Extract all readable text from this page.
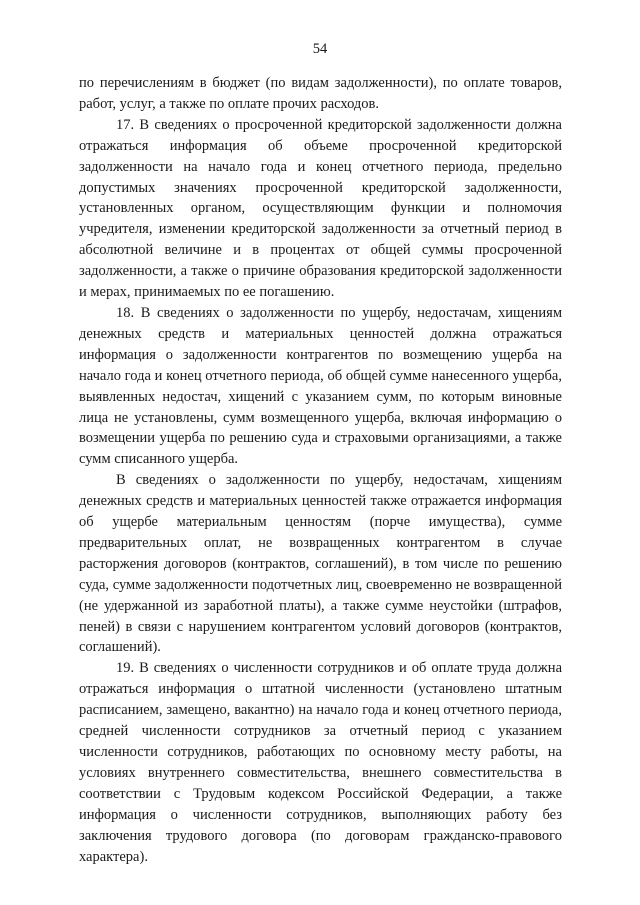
54

по перечислениям в бюджет (по видам задолженности), по оплате товаров, работ, услуг, а также по оплате прочих расходов.

17. В сведениях о просроченной кредиторской задолженности должна отражаться информация об объеме просроченной кредиторской задолженности на начало года и конец отчетного периода, предельно допустимых значениях просроченной кредиторской задолженности, установленных органом, осуществляющим функции и полномочия учредителя, изменении кредиторской задолженности за отчетный период в абсолютной величине и в процентах от общей суммы просроченной задолженности, а также о причине образования кредиторской задолженности и мерах, принимаемых по ее погашению.

18. В сведениях о задолженности по ущербу, недостачам, хищениям денежных средств и материальных ценностей должна отражаться информация о задолженности контрагентов по возмещению ущерба на начало года и конец отчетного периода, об общей сумме нанесенного ущерба, выявленных недостач, хищений с указанием сумм, по которым виновные лица не установлены, сумм возмещенного ущерба, включая информацию о возмещении ущерба по решению суда и страховыми организациями, а также сумм списанного ущерба.

В сведениях о задолженности по ущербу, недостачам, хищениям денежных средств и материальных ценностей также отражается информация об ущербе материальным ценностям (порче имущества), сумме предварительных оплат, не возвращенных контрагентом в случае расторжения договоров (контрактов, соглашений), в том числе по решению суда, сумме задолженности подотчетных лиц, своевременно не возвращенной (не удержанной из заработной платы), а также сумме неустойки (штрафов, пеней) в связи с нарушением контрагентом условий договоров (контрактов, соглашений).

19. В сведениях о численности сотрудников и об оплате труда должна отражаться информация о штатной численности (установлено штатным расписанием, замещено, вакантно) на начало года и конец отчетного периода, средней численности сотрудников за отчетный период с указанием численности сотрудников, работающих по основному месту работы, на условиях внутреннего совместительства, внешнего совместительства в соответствии с Трудовым кодексом Российской Федерации, а также информация о численности сотрудников, выполняющих работу без заключения трудового договора (по договорам гражданско-правового характера).
